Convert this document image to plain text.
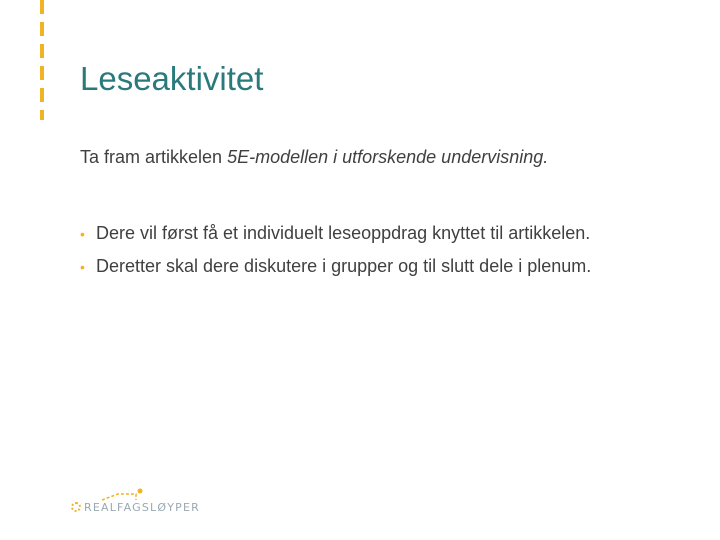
Leseaktivitet

Ta fram artikkelen 5E-modellen i utforskende undervisning.

• Dere vil først få et individuelt leseoppdrag knyttet til artikkelen.
• Deretter skal dere diskutere i grupper og til slutt dele i plenum.
REALFAGSLØYPER
